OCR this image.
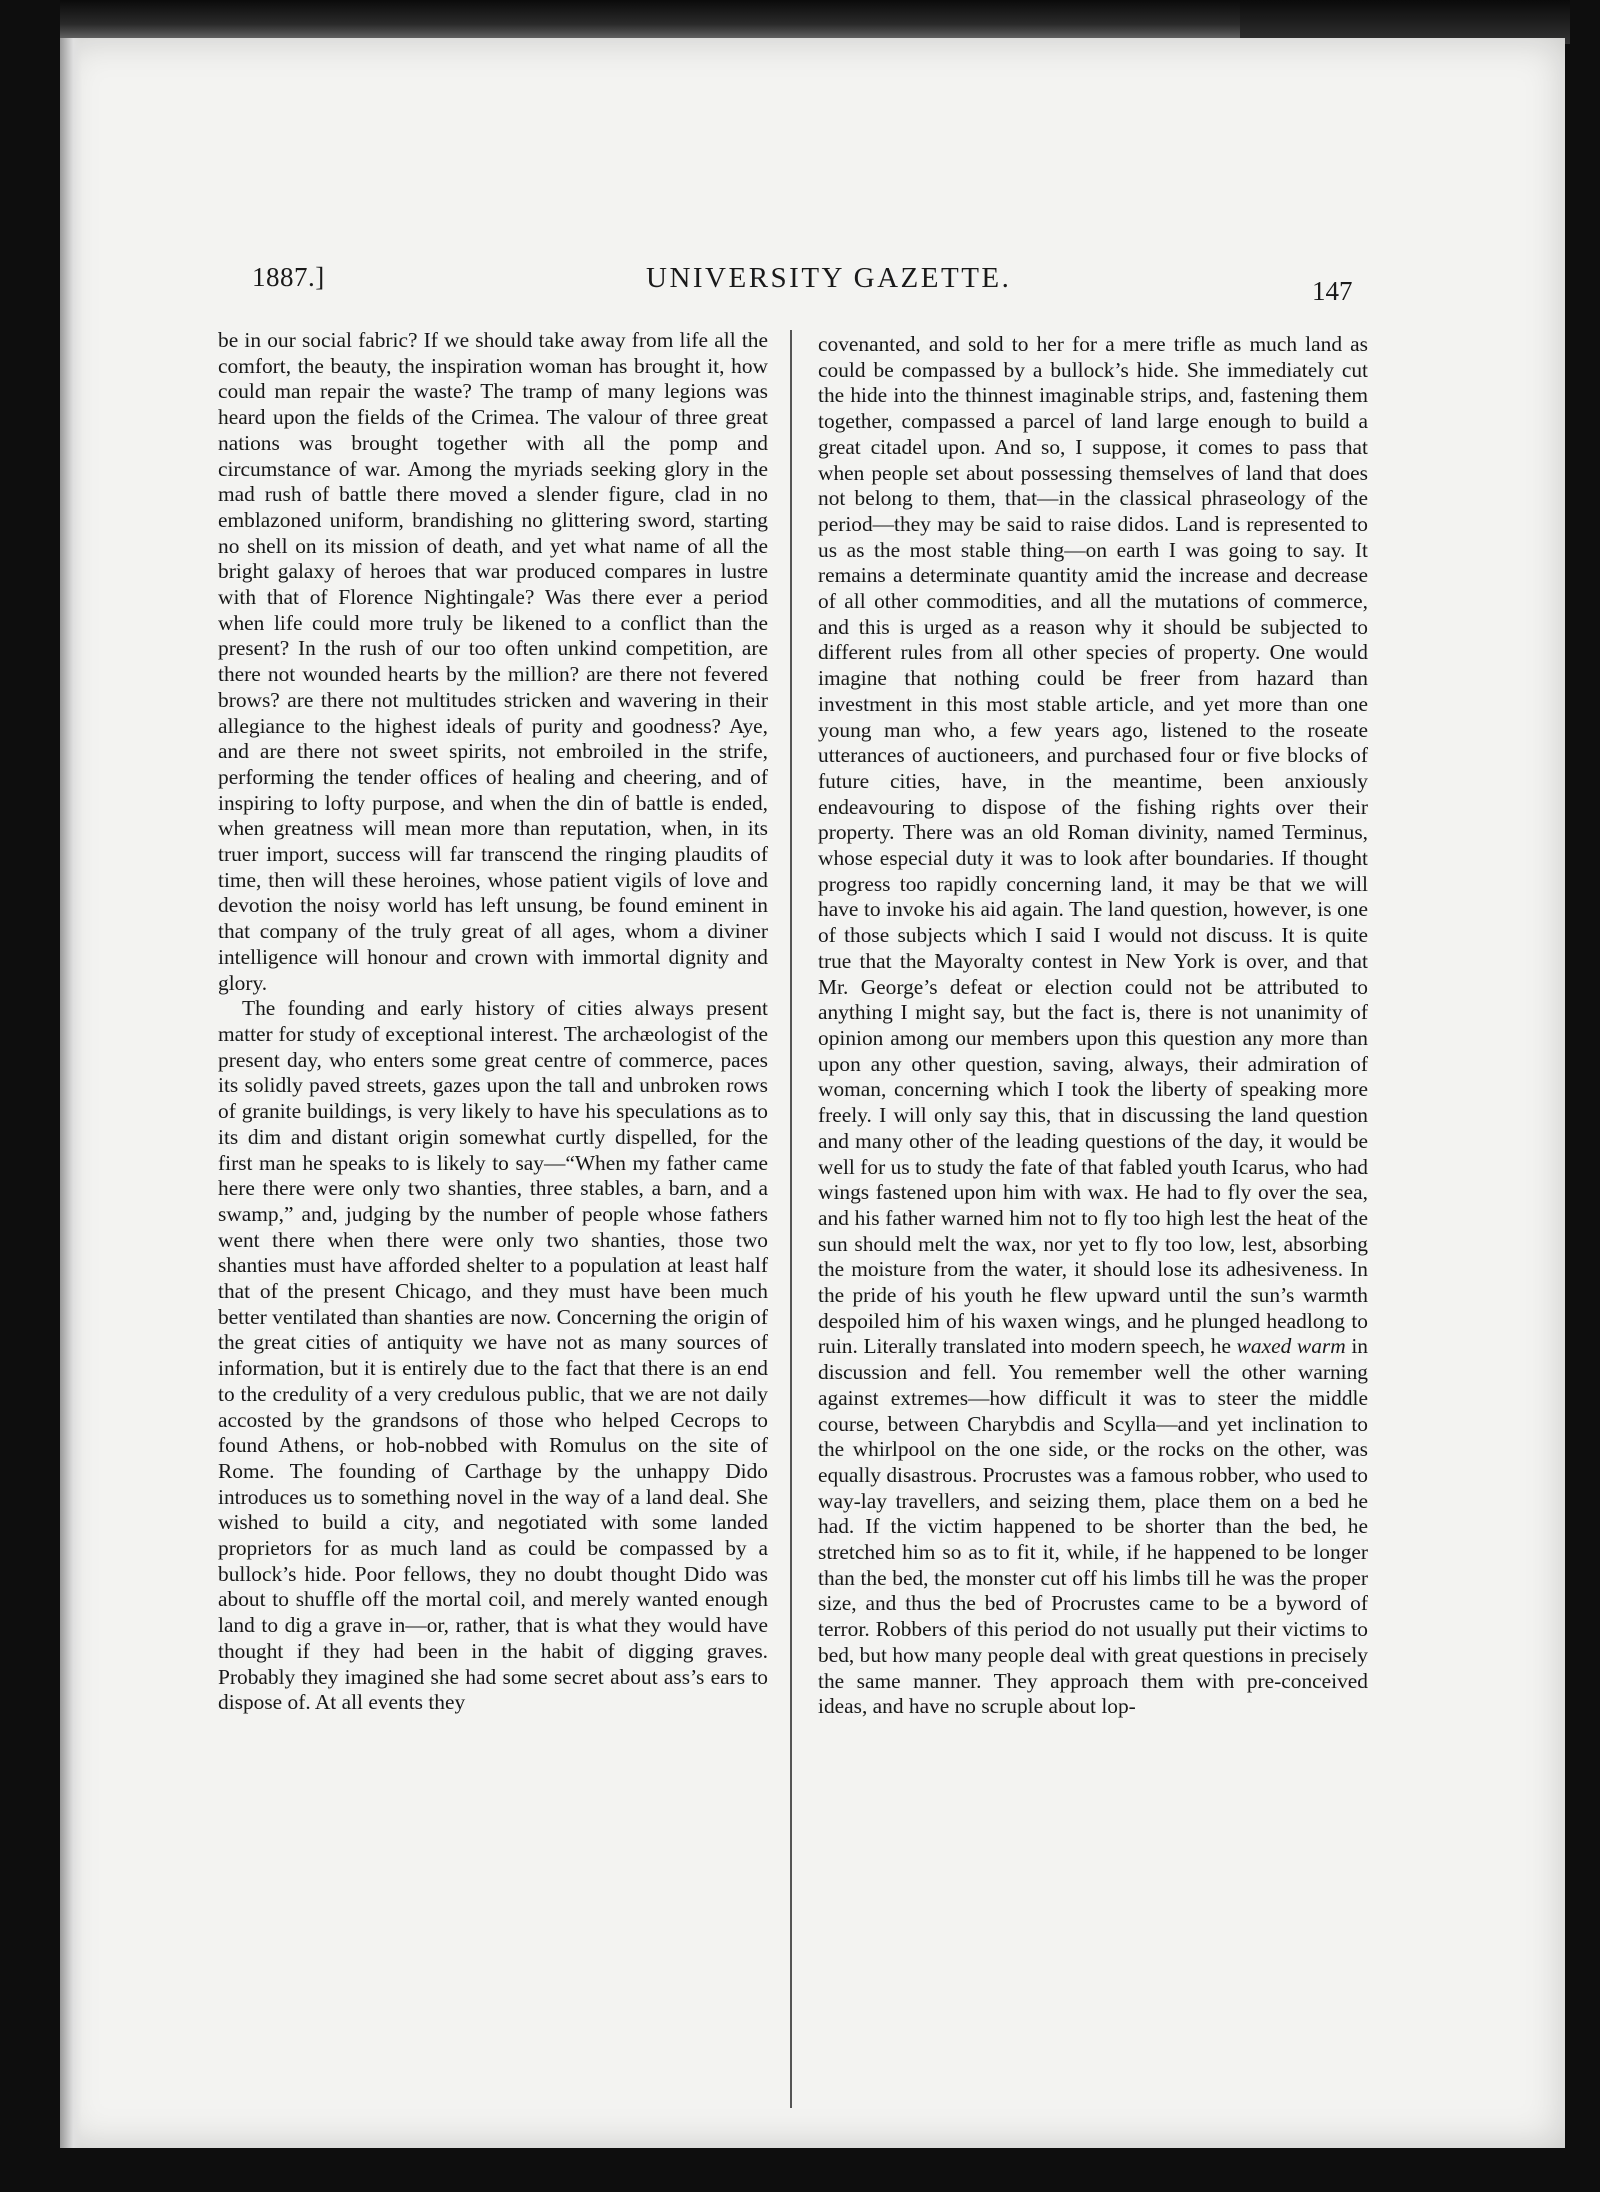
1887.]	UNIVERSITY GAZETTE.	147

be in our social fabric? If we should take away from life all the comfort, the beauty, the inspiration woman has brought it, how could man repair the waste? The tramp of many legions was heard upon the fields of the Crimea. The valour of three great nations was brought together with all the pomp and circumstance of war. Among the myriads seeking glory in the mad rush of battle there moved a slender figure, clad in no emblazoned uniform, brandishing no glittering sword, starting no shell on its mission of death, and yet what name of all the bright galaxy of heroes that war produced compares in lustre with that of Florence Nightingale? Was there ever a period when life could more truly be likened to a conflict than the present? In the rush of our too often unkind competition, are there not wounded hearts by the million? are there not fevered brows? are there not multitudes stricken and wavering in their allegiance to the highest ideals of purity and goodness? Aye, and are there not sweet spirits, not embroiled in the strife, performing the tender offices of healing and cheering, and of inspiring to lofty purpose, and when the din of battle is ended, when greatness will mean more than reputation, when, in its truer import, success will far transcend the ringing plaudits of time, then will these heroines, whose patient vigils of love and devotion the noisy world has left unsung, be found eminent in that company of the truly great of all ages, whom a diviner intelligence will honour and crown with immortal dignity and glory.

The founding and early history of cities always present matter for study of exceptional interest. The archæologist of the present day, who enters some great centre of commerce, paces its solidly paved streets, gazes upon the tall and unbroken rows of granite buildings, is very likely to have his speculations as to its dim and distant origin somewhat curtly dispelled, for the first man he speaks to is likely to say—“When my father came here there were only two shanties, three stables, a barn, and a swamp,” and, judging by the number of people whose fathers went there when there were only two shanties, those two shanties must have afforded shelter to a population at least half that of the present Chicago, and they must have been much better ventilated than shanties are now. Concerning the origin of the great cities of antiquity we have not as many sources of information, but it is entirely due to the fact that there is an end to the credulity of a very credulous public, that we are not daily accosted by the grandsons of those who helped Cecrops to found Athens, or hob-nobbed with Romulus on the site of Rome. The founding of Carthage by the unhappy Dido introduces us to something novel in the way of a land deal. She wished to build a city, and negotiated with some landed proprietors for as much land as could be compassed by a bullock’s hide. Poor fellows, they no doubt thought Dido was about to shuffle off the mortal coil, and merely wanted enough land to dig a grave in—or, rather, that is what they would have thought if they had been in the habit of digging graves. Probably they imagined she had some secret about ass’s ears to dispose of. At all events they

covenanted, and sold to her for a mere trifle as much land as could be compassed by a bullock’s hide. She immediately cut the hide into the thinnest imaginable strips, and, fastening them together, compassed a parcel of land large enough to build a great citadel upon. And so, I suppose, it comes to pass that when people set about possessing themselves of land that does not belong to them, that—in the classical phraseology of the period—they may be said to raise didos. Land is represented to us as the most stable thing—on earth I was going to say. It remains a determinate quantity amid the increase and decrease of all other commodities, and all the mutations of commerce, and this is urged as a reason why it should be subjected to different rules from all other species of property. One would imagine that nothing could be freer from hazard than investment in this most stable article, and yet more than one young man who, a few years ago, listened to the roseate utterances of auctioneers, and purchased four or five blocks of future cities, have, in the meantime, been anxiously endeavouring to dispose of the fishing rights over their property. There was an old Roman divinity, named Terminus, whose especial duty it was to look after boundaries. If thought progress too rapidly concerning land, it may be that we will have to invoke his aid again. The land question, however, is one of those subjects which I said I would not discuss. It is quite true that the Mayoralty contest in New York is over, and that Mr. George’s defeat or election could not be attributed to anything I might say, but the fact is, there is not unanimity of opinion among our members upon this question any more than upon any other question, saving, always, their admiration of woman, concerning which I took the liberty of speaking more freely. I will only say this, that in discussing the land question and many other of the leading questions of the day, it would be well for us to study the fate of that fabled youth Icarus, who had wings fastened upon him with wax. He had to fly over the sea, and his father warned him not to fly too high lest the heat of the sun should melt the wax, nor yet to fly too low, lest, absorbing the moisture from the water, it should lose its adhesiveness. In the pride of his youth he flew upward until the sun’s warmth despoiled him of his waxen wings, and he plunged headlong to ruin. Literally translated into modern speech, he waxed warm in discussion and fell. You remember well the other warning against extremes—how difficult it was to steer the middle course, between Charybdis and Scylla—and yet inclination to the whirlpool on the one side, or the rocks on the other, was equally disastrous. Procrustes was a famous robber, who used to way-lay travellers, and seizing them, place them on a bed he had. If the victim happened to be shorter than the bed, he stretched him so as to fit it, while, if he happened to be longer than the bed, the monster cut off his limbs till he was the proper size, and thus the bed of Procrustes came to be a byword of terror. Robbers of this period do not usually put their victims to bed, but how many people deal with great questions in precisely the same manner. They approach them with pre-conceived ideas, and have no scruple about lop-
